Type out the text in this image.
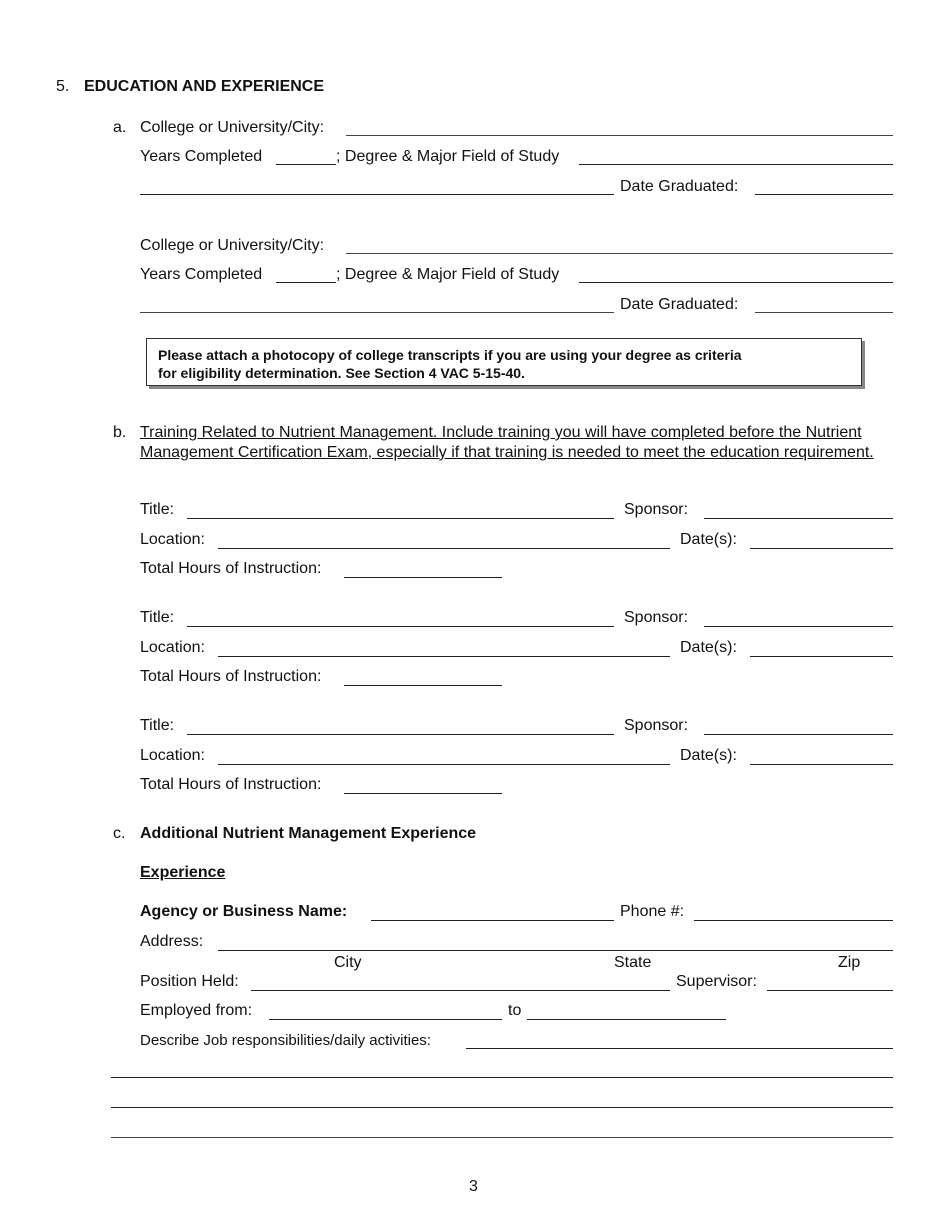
5. EDUCATION AND EXPERIENCE
a. College or University/City:
Years Completed	; Degree & Major Field of Study
Date Graduated:
College or University/City:
Years Completed	; Degree & Major Field of Study
Date Graduated:

Please attach a photocopy of college transcripts if you are using your degree as criteria

for eligibility determination. See Section 4 VAC 5-15-40.

b. Training Related to Nutrient Management. Include training you will have completed before the Nutrient Management Certification Exam, especially if that training is needed to meet the education requirement.
Title:	Sponsor:
Location:	Date(s):
Total Hours of Instruction:
Title:	Sponsor:
Location:	Date(s):
Total Hours of Instruction:
Title:	Sponsor:
Location:	Date(s):
Total Hours of Instruction:
c. Additional Nutrient Management Experience
Experience
Agency or Business Name:	Phone #:
Address:
City	State	Zip
Position Held:	Supervisor:
Employed from:	to
Describe Job responsibilities/daily activities:
3
